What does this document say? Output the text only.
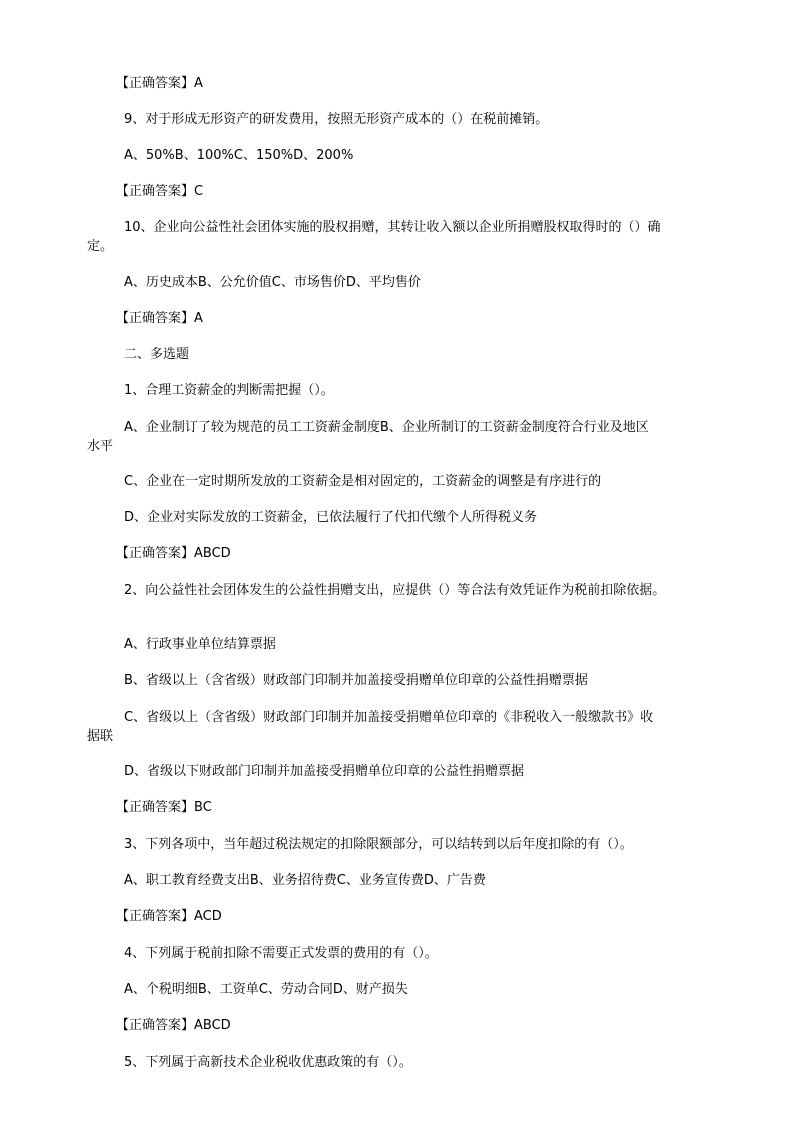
【正确答案】A
9、对于形成无形资产的研发费用，按照无形资产成本的（）在税前摊销。
A、50%B、100%C、150%D、200%
【正确答案】C
10、企业向公益性社会团体实施的股权捐赠，其转让收入额以企业所捐赠股权取得时的（）确
定。
A、历史成本B、公允价值C、市场售价D、平均售价
【正确答案】A
二、多选题
1、合理工资薪金的判断需把握（）。
A、企业制订了较为规范的员工工资薪金制度B、企业所制订的工资薪金制度符合行业及地区
水平
C、企业在一定时期所发放的工资薪金是相对固定的，工资薪金的调整是有序进行的
D、企业对实际发放的工资薪金，已依法履行了代扣代缴个人所得税义务
【正确答案】ABCD
2、向公益性社会团体发生的公益性捐赠支出，应提供（）等合法有效凭证作为税前扣除依据。
A、行政事业单位结算票据
B、省级以上（含省级）财政部门印制并加盖接受捐赠单位印章的公益性捐赠票据
C、省级以上（含省级）财政部门印制并加盖接受捐赠单位印章的《非税收入一般缴款书》收
据联
D、省级以下财政部门印制并加盖接受捐赠单位印章的公益性捐赠票据
【正确答案】BC
3、下列各项中，当年超过税法规定的扣除限额部分，可以结转到以后年度扣除的有（）。
A、职工教育经费支出B、业务招待费C、业务宣传费D、广告费
【正确答案】ACD
4、下列属于税前扣除不需要正式发票的费用的有（）。
A、个税明细B、工资单C、劳动合同D、财产损失
【正确答案】ABCD
5、下列属于高新技术企业税收优惠政策的有（）。
